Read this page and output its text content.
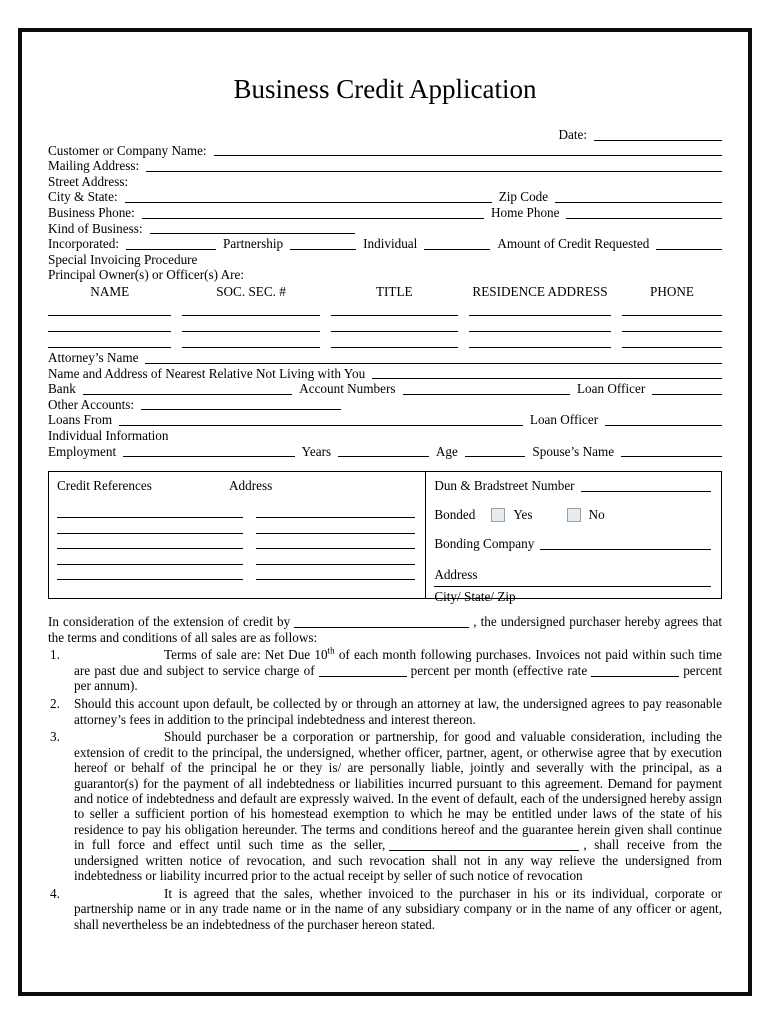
Business Credit Application
Date:
Customer or Company Name:
Mailing Address:
Street Address:
City & State:	Zip Code
Business Phone:	Home Phone
Kind of Business:
Incorporated:	Partnership	Individual	Amount of Credit Requested
Special Invoicing Procedure
Principal Owner(s) or Officer(s) Are:
NAME	SOC. SEC. #	TITLE	RESIDENCE ADDRESS	PHONE
Attorney’s Name
Name and Address of Nearest Relative Not Living with You
Bank	Account Numbers	Loan Officer
Other Accounts:
Loans From	Loan Officer
Individual Information
Employment	Years	Age	Spouse’s Name
Credit References	Address	Dun & Bradstreet Number
Bonded	Yes	No
Bonding Company
Address
City/ State/ Zip

In consideration of the extension of credit by	, the undersigned purchaser hereby agrees that the terms and conditions of all sales are as follows:

1.	Terms of sale are: Net Due 10th of each month following purchases. Invoices not paid within such time are past due and subject to service charge of	percent per month (effective rate	percent per annum).

2. Should this account upon default, be collected by or through an attorney at law, the undersigned agrees to pay reasonable attorney’s fees in addition to the principal indebtedness and interest thereon.

3.	Should purchaser be a corporation or partnership, for good and valuable consideration, including the extension of credit to the principal, the undersigned, whether officer, partner, agent, or otherwise agree that by execution hereof or behalf of the principal he or they is/ are personally liable, jointly and severally with the principal, as a guarantor(s) for the payment of all indebtedness or liabilities incurred pursuant to this agreement. Demand for payment and notice of indebtedness and default are expressly waived. In the event of default, each of the undersigned hereby assign to seller a sufficient portion of his homestead exemption to which he may be entitled under laws of the state of his residence to pay his obligation hereunder. The terms and conditions hereof and the guarantee herein given shall continue in full force and effect until such time as the seller,	, shall receive from the undersigned written notice of revocation, and such revocation shall not in any way relieve the undersigned from indebtedness or liability incurred prior to the actual receipt by seller of such notice of revocation

4.	It is agreed that the sales, whether invoiced to the purchaser in his or its individual, corporate or partnership name or in any trade name or in the name of any subsidiary company or in the name of any officer or agent, shall nevertheless be an indebtedness of the purchaser hereon stated.
